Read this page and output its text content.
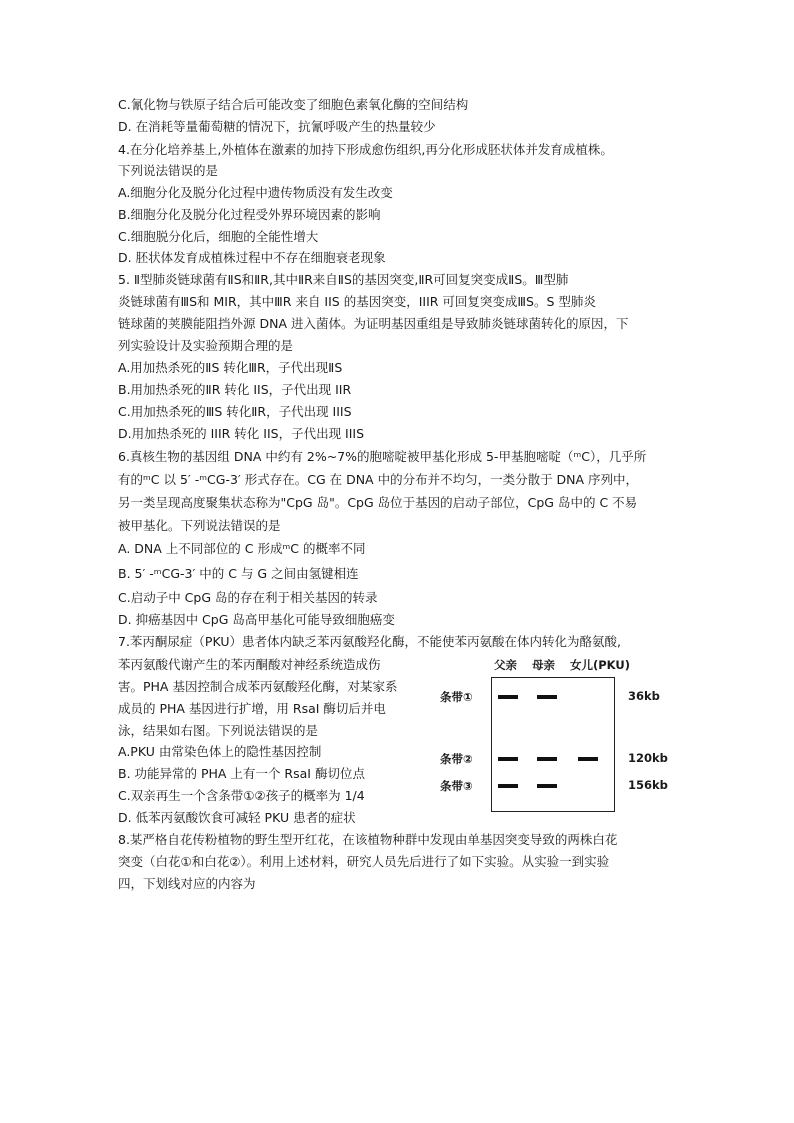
C.氰化物与铁原子结合后可能改变了细胞色素氧化酶的空间结构
D. 在消耗等量葡萄糖的情况下，抗氰呼吸产生的热量较少
4.在分化培养基上,外植体在激素的加持下形成愈伤组织,再分化形成胚状体并发育成植株。
下列说法错误的是
A.细胞分化及脱分化过程中遗传物质没有发生改变
B.细胞分化及脱分化过程受外界环境因素的影响
C.细胞脱分化后，细胞的全能性增大
D. 胚状体发育成植株过程中不存在细胞衰老现象
5. Ⅱ型肺炎链球菌有ⅡS和ⅡR,其中ⅡR来自ⅡS的基因突变,ⅡR可回复突变成ⅡS。Ⅲ型肺
炎链球菌有ⅢS和 MIR，其中ⅢR 来自 IIS 的基因突变，IIIR 可回复突变成ⅢS。S 型肺炎
链球菌的荚膜能阻挡外源 DNA 进入菌体。为证明基因重组是导致肺炎链球菌转化的原因，下
列实验设计及实验预期合理的是
A.用加热杀死的ⅡS 转化ⅢR，子代出现ⅡS
B.用加热杀死的ⅡR 转化 IIS，子代出现 IIR
C.用加热杀死的ⅢS 转化ⅡR，子代出现 IIIS
D.用加热杀死的 IIIR 转化 IIS，子代出现 IIIS
6.真核生物的基因组 DNA 中约有 2%~7%的胞嘧啶被甲基化形成 5-甲基胞嘧啶（ᵐC），几乎所
有的ᵐC 以 5′ -ᵐCG-3′ 形式存在。CG 在 DNA 中的分布并不均匀，一类分散于 DNA 序列中，
另一类呈现高度聚集状态称为"CpG 岛"。CpG 岛位于基因的启动子部位，CpG 岛中的 C 不易
被甲基化。下列说法错误的是
A. DNA 上不同部位的 C 形成ᵐC 的概率不同
B. 5′ -ᵐCG-3′ 中的 C 与 G 之间由氢键相连
C.启动子中 CpG 岛的存在利于相关基因的转录
D. 抑癌基因中 CpG 岛高甲基化可能导致细胞癌变
7.苯丙酮尿症（PKU）患者体内缺乏苯丙氨酸羟化酶，不能使苯丙氨酸在体内转化为酪氨酸,
苯丙氨酸代谢产生的苯丙酮酸对神经系统造成伤
害。PHA 基因控制合成苯丙氨酸羟化酶，对某家系
成员的 PHA 基因进行扩增，用 RsaI 酶切后并电
泳，结果如右图。下列说法错误的是
A.PKU 由常染色体上的隐性基因控制
B. 功能异常的 PHA 上有一个 RsaI 酶切位点
C.双亲再生一个含条带①②孩子的概率为 1/4
D. 低苯丙氨酸饮食可减轻 PKU 患者的症状
8.某严格自花传粉植物的野生型开红花，在该植物种群中发现由单基因突变导致的两株白花
突变（白花①和白花②）。利用上述材料，研究人员先后进行了如下实验。从实验一到实验
四，下划线对应的内容为
父亲 母亲 女儿(PKU)
条带①
条带②
条带③
36kb
120kb
156kb
